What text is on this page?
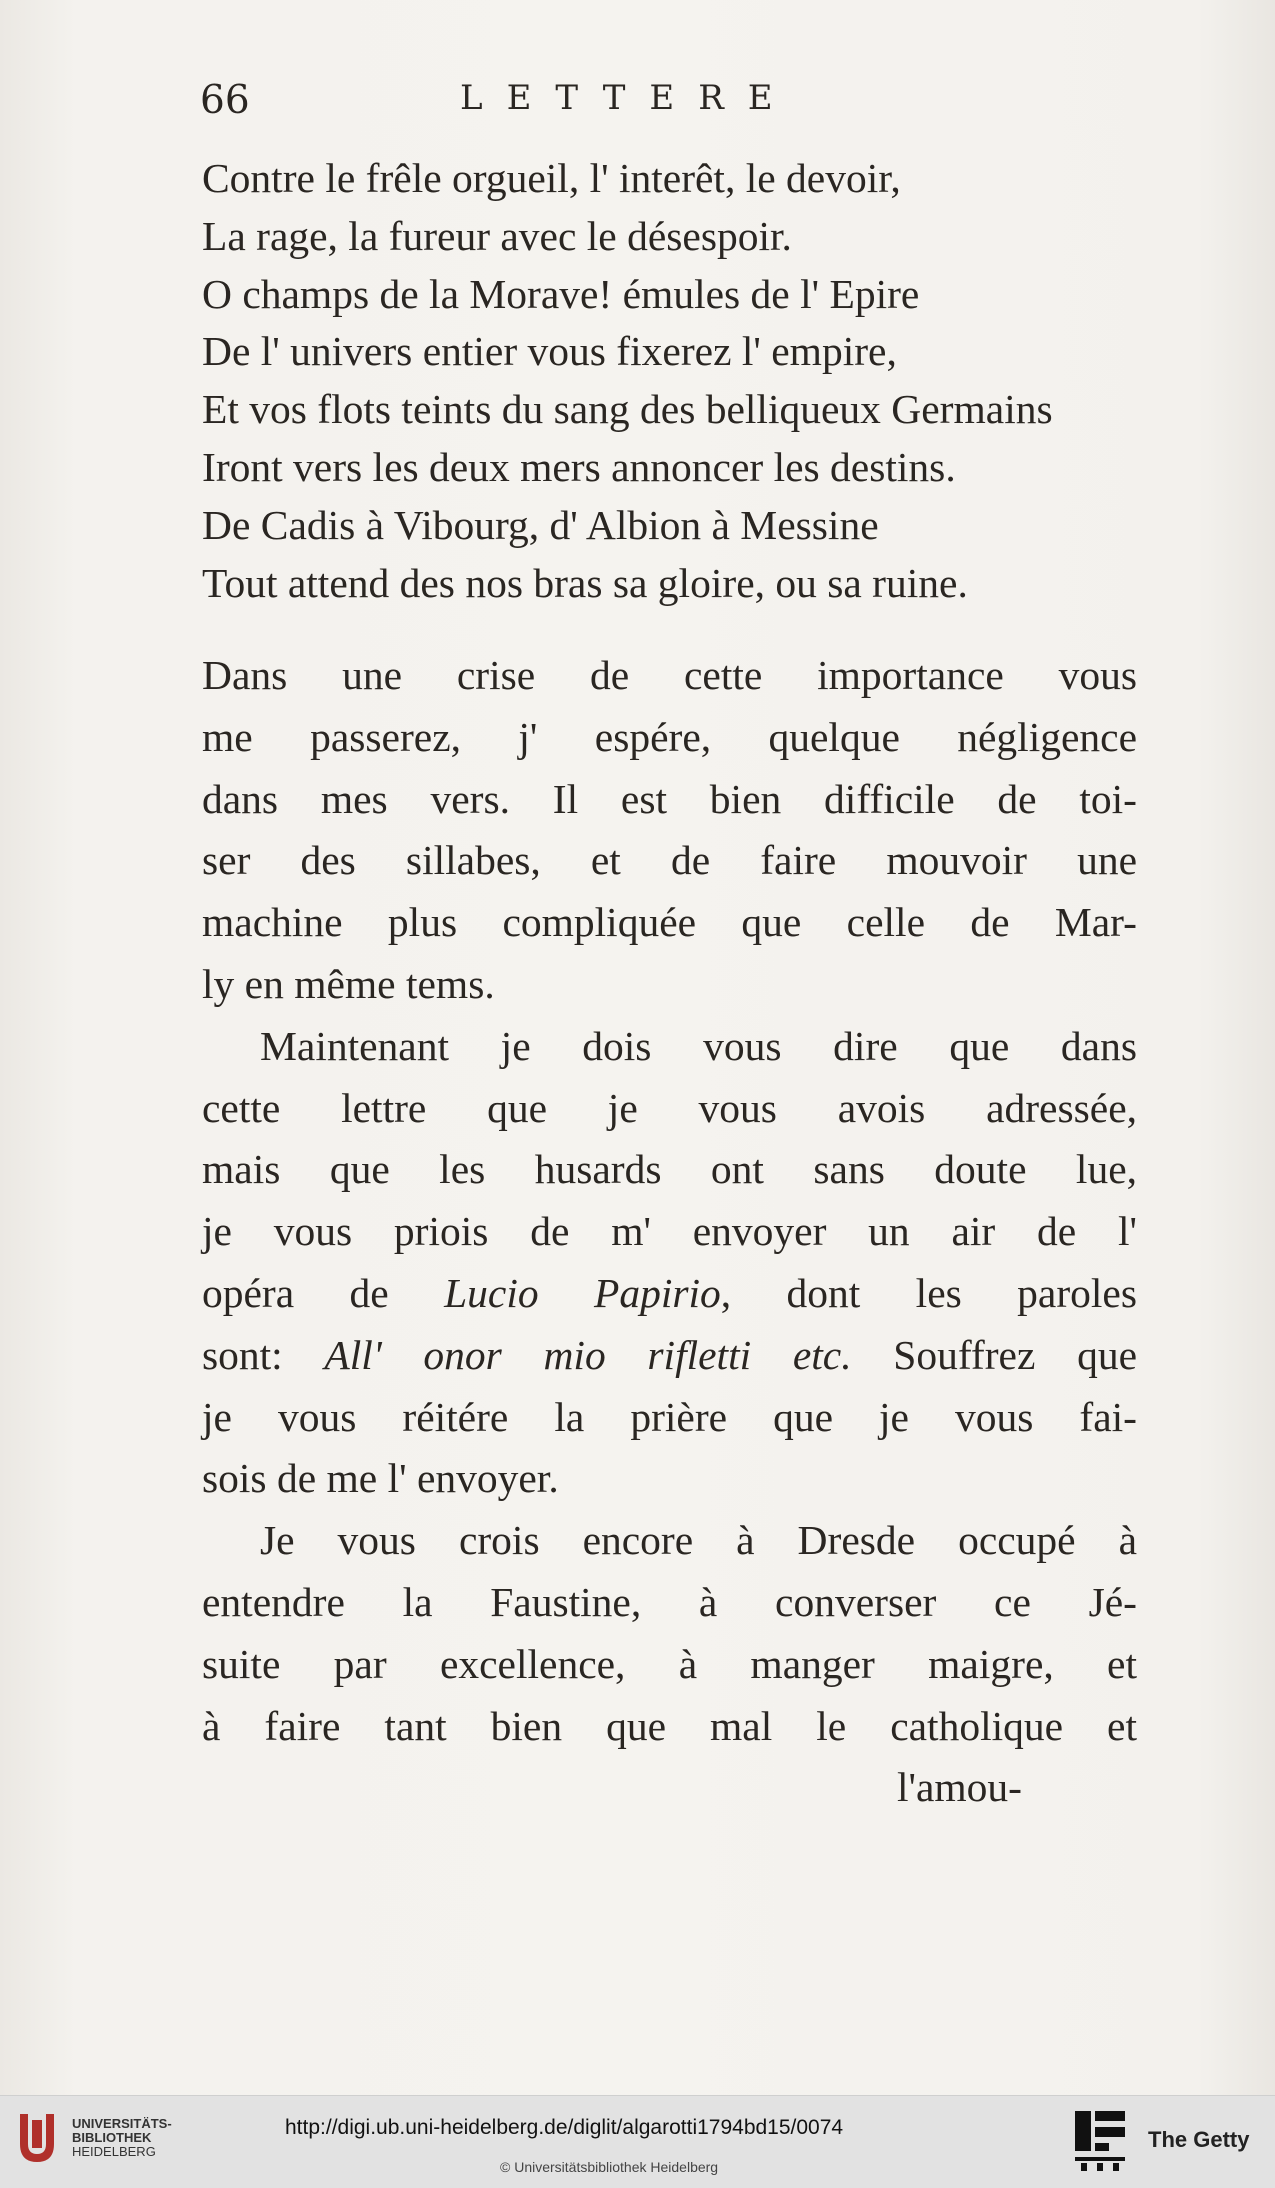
66	LETTERE
Contre le frêle orgueil, l' interêt, le devoir,
La rage, la fureur avec le désespoir.
O champs de la Morave! émules de l' Epire
De l' univers entier vous fixerez l' empire,
Et vos flots teints du sang des belliqueux Germains
Iront vers les deux mers annoncer les destins.
De Cadis à Vibourg, d' Albion à Messine
Tout attend des nos bras sa gloire, ou sa ruine.
Dans une crise de cette importance vous
me passerez, j' espére, quelque négligence
dans mes vers. Il est bien difficile de toi-
ser des sillabes, et de faire mouvoir une
machine plus compliquée que celle de Mar-
ly en même tems.
Maintenant je dois vous dire que dans
cette lettre que je vous avois adressée,
mais que les husards ont sans doute lue,
je vous priois de m' envoyer un air de l'
opéra de Lucio Papirio, dont les paroles
sont: All' onor mio rifletti etc. Souffrez que
je vous réitére la prière que je vous fai-
sois de me l' envoyer.
Je vous crois encore à Dresde occupé à
entendre la Faustine, à converser ce Jé-
suite par excellence, à manger maigre, et
à faire tant bien que mal le catholique et
l'amou-
UNIVERSITÄTS-
BIBLIOTHEK
HEIDELBERG
http://digi.ub.uni-heidelberg.de/diglit/algarotti1794bd15/0074
© Universitätsbibliothek Heidelberg
The Getty
